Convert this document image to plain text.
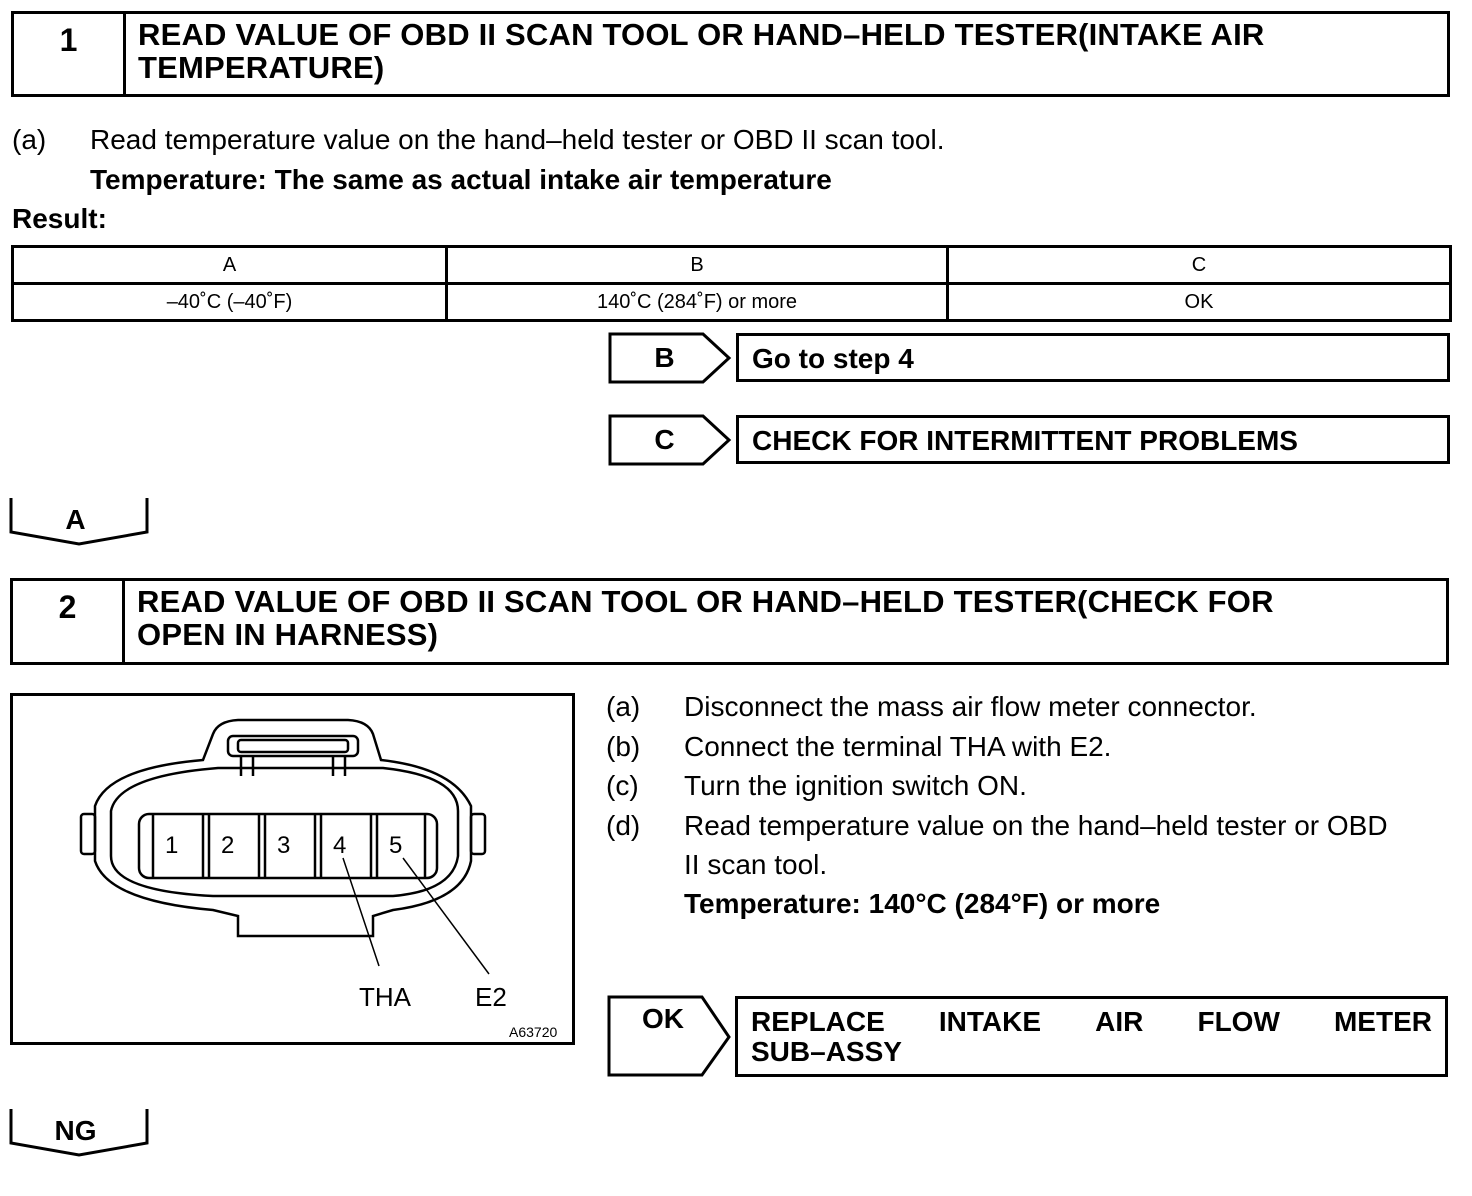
1	READ VALUE OF OBD II SCAN TOOL OR HAND–HELD TESTER(INTAKE AIR
TEMPERATURE)
(a) Read temperature value on the hand–held tester or OBD II scan tool.
Temperature: The same as actual intake air temperature
Result:
A	B	C
–40˚C (–40˚F)	140˚C (284˚F) or more	OK
B	Go to step 4
C	CHECK FOR INTERMITTENT PROBLEMS
A
2	READ VALUE OF OBD II SCAN TOOL OR HAND–HELD TESTER(CHECK FOR
OPEN IN HARNESS)
1 2 3 4 5
THA E2
A63720
(a) Disconnect the mass air flow meter connector.
(b) Connect the terminal THA with E2.
(c) Turn the ignition switch ON.
(d) Read temperature value on the hand–held tester or OBD
II scan tool.
Temperature: 140°C (284°F) or more
OK	REPLACE INTAKE AIR FLOW METER
SUB–ASSY
NG
